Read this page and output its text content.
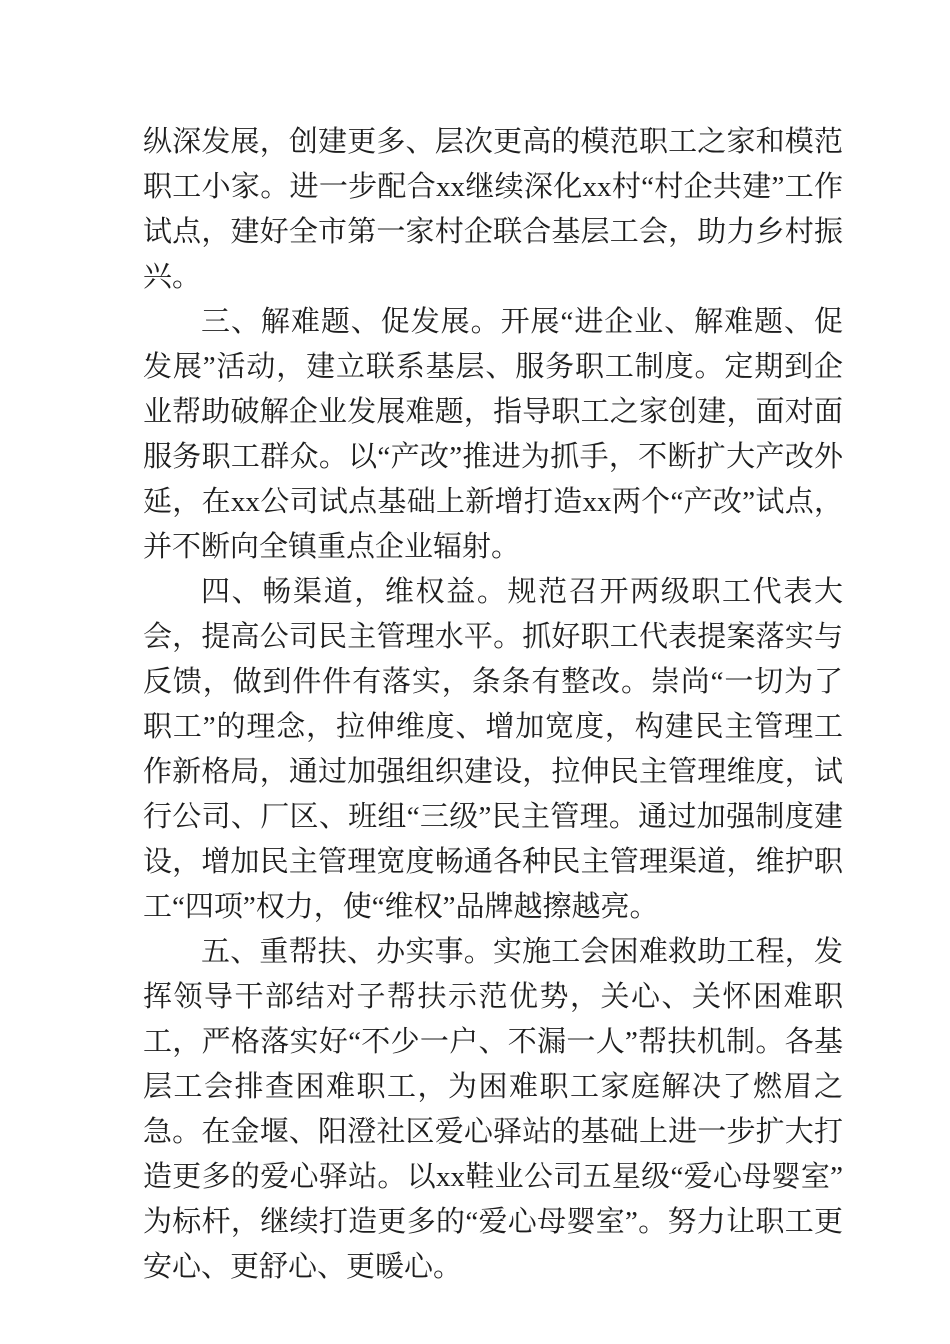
纵深发展，创建更多、层次更高的模范职工之家和模范职工小家。进一步配合xx继续深化xx村“村企共建”工作试点，建好全市第一家村企联合基层工会，助力乡村振兴。

三、解难题、促发展。开展“进企业、解难题、促发展”活动，建立联系基层、服务职工制度。定期到企业帮助破解企业发展难题，指导职工之家创建，面对面服务职工群众。以“产改”推进为抓手，不断扩大产改外延，在xx公司试点基础上新增打造xx两个“产改”试点，并不断向全镇重点企业辐射。

四、畅渠道，维权益。规范召开两级职工代表大会，提高公司民主管理水平。抓好职工代表提案落实与反馈，做到件件有落实，条条有整改。崇尚“一切为了职工”的理念，拉伸维度、增加宽度，构建民主管理工作新格局，通过加强组织建设，拉伸民主管理维度，试行公司、厂区、班组“三级”民主管理。通过加强制度建设，增加民主管理宽度畅通各种民主管理渠道，维护职工“四项”权力，使“维权”品牌越擦越亮。

五、重帮扶、办实事。实施工会困难救助工程，发挥领导干部结对子帮扶示范优势，关心、关怀困难职工，严格落实好“不少一户、不漏一人”帮扶机制。各基层工会排查困难职工，为困难职工家庭解决了燃眉之急。在金堰、阳澄社区爱心驿站的基础上进一步扩大打造更多的爱心驿站。以xx鞋业公司五星级“爱心母婴室”为标杆，继续打造更多的“爱心母婴室”。努力让职工更安心、更舒心、更暖心。
